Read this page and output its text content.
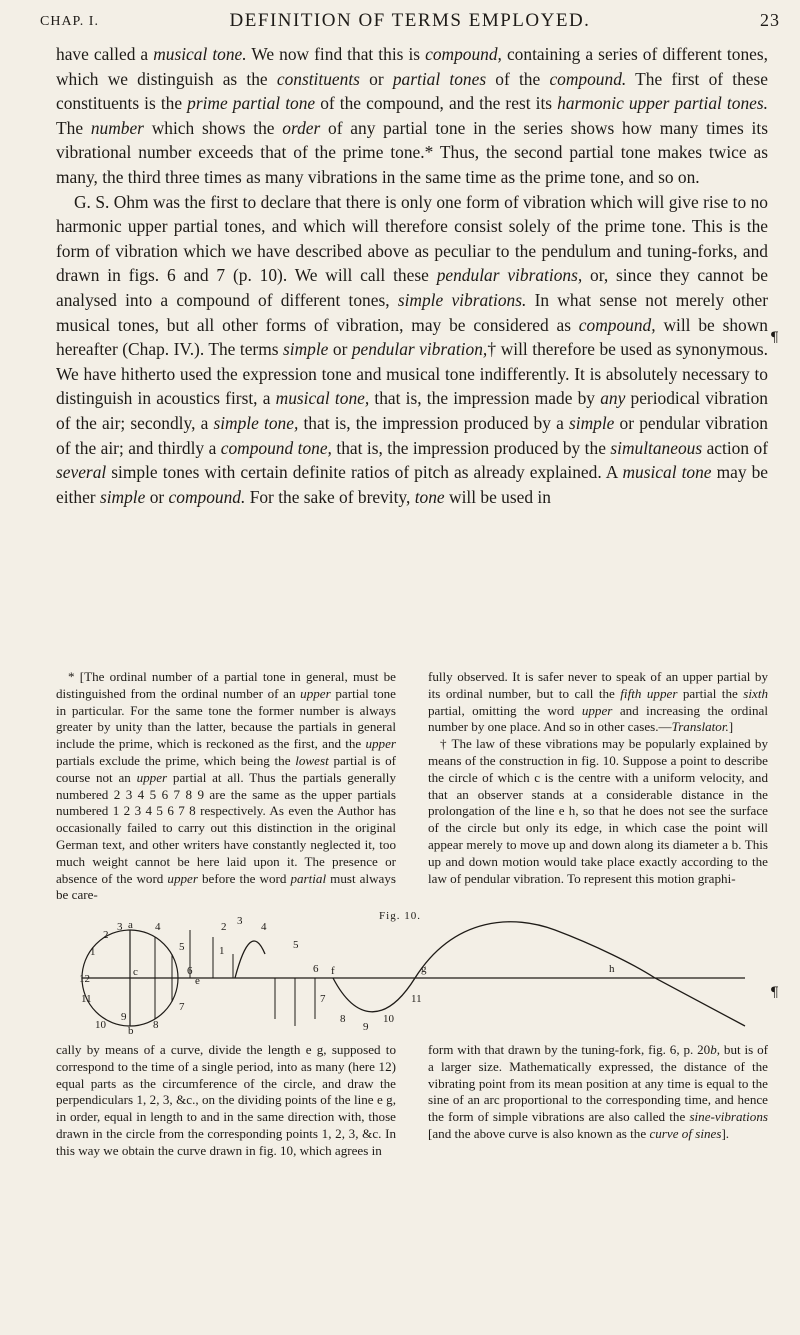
CHAP. I.	DEFINITION OF TERMS EMPLOYED.	23

have called a musical tone. We now find that this is compound, containing a series of different tones, which we distinguish as the constituents or partial tones of the compound. The first of these constituents is the prime partial tone of the compound, and the rest its harmonic upper partial tones. The number which shows the order of any partial tone in the series shows how many times its vibrational number exceeds that of the prime tone.* Thus, the second partial tone makes twice as many, the third three times as many vibrations in the same time as the prime tone, and so on.

G. S. Ohm was the first to declare that there is only one form of vibration which will give rise to no harmonic upper partial tones, and which will therefore consist solely of the prime tone. This is the form of vibration which we have described above as peculiar to the pendulum and tuning-forks, and drawn in figs. 6 and 7 (p. 10). We will call these pendular vibrations, or, since they cannot be analysed into a compound of different tones, simple vibrations. In what sense not merely other musical tones, but all other forms of vibration, may be considered as compound, will be shown hereafter (Chap. IV.). The terms simple or pendular vibration,† will therefore be used as synonymous. We have hitherto used the expression tone and musical tone indifferently. It is absolutely necessary to distinguish in acoustics first, a musical tone, that is, the impression made by any periodical vibration of the air; secondly, a simple tone, that is, the impression produced by a simple or pendular vibration of the air; and thirdly a compound tone, that is, the impression produced by the simultaneous action of several simple tones with certain definite ratios of pitch as already explained. A musical tone may be either simple or compound. For the sake of brevity, tone will be used in

¶

* [The ordinal number of a partial tone in general, must be distinguished from the ordinal number of an upper partial tone in particular. For the same tone the former number is always greater by unity than the latter, because the partials in general include the prime, which is reckoned as the first, and the upper partials exclude the prime, which being the lowest partial is of course not an upper partial at all. Thus the partials generally numbered 2 3 4 5 6 7 8 9 are the same as the upper partials numbered 1 2 3 4 5 6 7 8 respectively. As even the Author has occasionally failed to carry out this distinction in the original German text, and other writers have constantly neglected it, too much weight cannot be here laid upon it. The presence or absence of the word upper before the word partial must always be care-

fully observed. It is safer never to speak of an upper partial by its ordinal number, but to call the fifth upper partial the sixth partial, omitting the word upper and increasing the ordinal number by one place. And so in other cases.—Translator.]

† The law of these vibrations may be popularly explained by means of the construction in fig. 10. Suppose a point to describe the circle of which c is the centre with a uniform velocity, and that an observer stands at a considerable distance in the prolongation of the line e h, so that he does not see the surface of the circle but only its edge, in which case the point will appear merely to move up and down along its diameter a b. This up and down motion would take place exactly according to the law of pendular vibration. To represent this motion graphi-

Fig. 10.
a
b
c
1
2
3	4
5
6
7
8
9
10
11
12
2 3 4
5
1
6
e
f
7
8
9
10
11
g	h
¶

cally by means of a curve, divide the length e g, supposed to correspond to the time of a single period, into as many (here 12) equal parts as the circumference of the circle, and draw the perpendiculars 1, 2, 3, &c., on the dividing points of the line e g, in order, equal in length to and in the same direction with, those drawn in the circle from the corresponding points 1, 2, 3, &c. In this way we obtain the curve drawn in fig. 10, which agrees in

form with that drawn by the tuning-fork, fig. 6, p. 20b, but is of a larger size. Mathematically expressed, the distance of the vibrating point from its mean position at any time is equal to the sine of an arc proportional to the corresponding time, and hence the form of simple vibrations are also called the sine-vibrations [and the above curve is also known as the curve of sines].
